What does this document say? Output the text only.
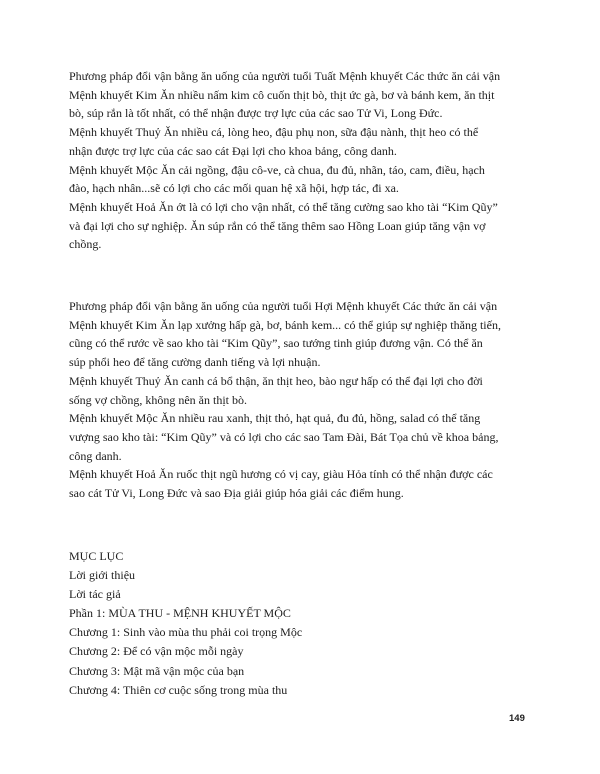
Phương pháp đổi vận bằng ăn uống của người tuổi Tuất Mệnh khuyết Các thức ăn cải vận
Mệnh khuyết Kim Ăn nhiều nấm kim cô cuốn thịt bò, thịt ức gà, bơ và bánh kem, ăn thịt
bò, súp rắn là tốt nhất, có thể nhận được trợ lực của các sao Tử Vi, Long Đức.
Mệnh khuyết Thuỷ Ăn nhiều cá, lòng heo, đậu phụ non, sữa đậu nành, thịt heo có thể
nhận được trợ lực của các sao cát Đại lợi cho khoa bảng, công danh.
Mệnh khuyết Mộc Ăn cải ngồng, đậu cô-ve, cà chua, đu đủ, nhãn, táo, cam, điều, hạch
đào, hạch nhân...sẽ có lợi cho các mối quan hệ xã hội, hợp tác, đi xa.
Mệnh khuyết Hoả Ăn ớt là có lợi cho vận nhất, có thể tăng cường sao kho tài “Kim Qũy”
và đại lợi cho sự nghiệp. Ăn súp rắn có thể tăng thêm sao Hồng Loan giúp tăng vận vợ
chồng.
Phương pháp đổi vận bằng ăn uống của người tuổi Hợi Mệnh khuyết Các thức ăn cải vận
Mệnh khuyết Kim Ăn lạp xưởng hấp gà, bơ, bánh kem... có thể giúp sự nghiệp thăng tiến,
cũng có thể rước về sao kho tài “Kim Qũy”, sao tướng tinh giúp đương vận. Có thể ăn
súp phổi heo để tăng cường danh tiếng và lợi nhuận.
Mệnh khuyết Thuỷ Ăn canh cá bổ thận, ăn thịt heo, bào ngư hấp có thể đại lợi cho đời
sống vợ chồng, không nên ăn thịt bò.
Mệnh khuyết Mộc Ăn nhiều rau xanh, thịt thỏ, hạt quả, đu đủ, hồng, salad có thể tăng
vượng sao kho tài: “Kim Qũy” và có lợi cho các sao Tam Đài, Bát Tọa chủ về khoa bảng,
công danh.
Mệnh khuyết Hoả Ăn ruốc thịt ngũ hương có vị cay, giàu Hỏa tính có thể nhận được các
sao cát Tử Vi, Long Đức và sao Địa giải giúp hóa giải các điểm hung.
MỤC LỤC
Lời giới thiệu
Lời tác giả
Phần 1: MÙA THU - MỆNH KHUYẾT MỘC
Chương 1: Sinh vào mùa thu phải coi trọng Mộc
Chương 2: Để có vận mộc mỗi ngày
Chương 3: Mật mã vận mộc của bạn
Chương 4: Thiên cơ cuộc sống trong mùa thu
149
